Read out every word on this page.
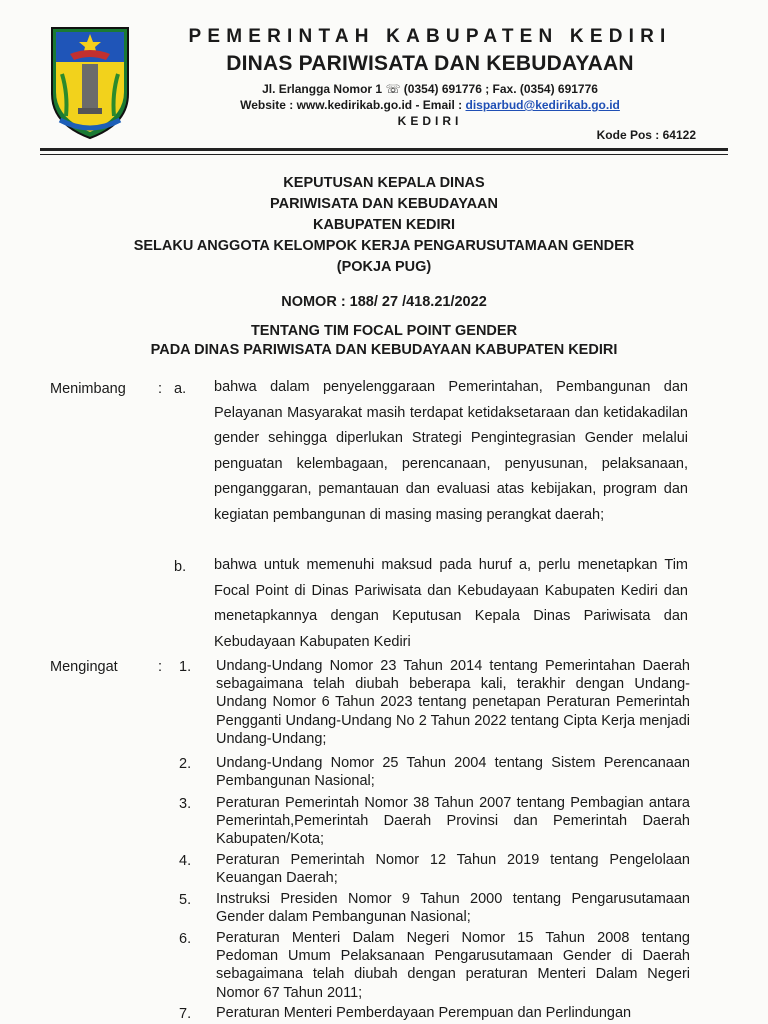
PEMERINTAH KABUPATEN KEDIRI
DINAS PARIWISATA DAN KEBUDAYAAN
Jl. Erlangga Nomor 1 ☏ (0354) 691776 ; Fax. (0354) 691776
Website : www.kedirikab.go.id - Email : disparbud@kedirikab.go.id
KEDIRI
Kode Pos : 64122
KEPUTUSAN KEPALA DINAS
PARIWISATA DAN KEBUDAYAAN
KABUPATEN KEDIRI
SELAKU ANGGOTA KELOMPOK KERJA PENGARUSUTAMAAN GENDER
(POKJA PUG)
NOMOR : 188/ 27 /418.21/2022
TENTANG TIM FOCAL POINT GENDER
PADA DINAS PARIWISATA DAN KEBUDAYAAN KABUPATEN KEDIRI
Menimbang : a. bahwa dalam penyelenggaraan Pemerintahan, Pembangunan dan Pelayanan Masyarakat masih terdapat ketidaksetaraan dan ketidakadilan gender sehingga diperlukan Strategi Pengintegrasian Gender melalui penguatan kelembagaan, perencanaan, penyusunan, pelaksanaan, penganggaran, pemantauan dan evaluasi atas kebijakan, program dan kegiatan pembangunan di masing masing perangkat daerah;
b. bahwa untuk memenuhi maksud pada huruf a, perlu menetapkan Tim Focal Point di Dinas Pariwisata dan Kebudayaan Kabupaten Kediri dan menetapkannya dengan Keputusan Kepala Dinas Pariwisata dan Kebudayaan Kabupaten Kediri
Mengingat	: 1. Undang-Undang Nomor 23 Tahun 2014 tentang Pemerintahan Daerah sebagaimana telah diubah beberapa kali, terakhir dengan Undang-Undang Nomor 6 Tahun 2023 tentang penetapan Peraturan Pemerintah Pengganti Undang-Undang No 2 Tahun 2022 tentang Cipta Kerja menjadi Undang-Undang;
2. Undang-Undang Nomor 25 Tahun 2004 tentang Sistem Perencanaan Pembangunan Nasional;
3. Peraturan Pemerintah Nomor 38 Tahun 2007 tentang Pembagian antara Pemerintah,Pemerintah Daerah Provinsi dan Pemerintah Daerah Kabupaten/Kota;
4. Peraturan Pemerintah Nomor 12 Tahun 2019 tentang Pengelolaan Keuangan Daerah;
5. Instruksi Presiden Nomor 9 Tahun 2000 tentang Pengarusutamaan Gender dalam Pembangunan Nasional;
6. Peraturan Menteri Dalam Negeri Nomor 15 Tahun 2008 tentang Pedoman Umum Pelaksanaan Pengarusutamaan Gender di Daerah sebagaimana telah diubah dengan peraturan Menteri Dalam Negeri Nomor 67 Tahun 2011;
7. Peraturan Menteri Pemberdayaan Perempuan dan Perlindungan
